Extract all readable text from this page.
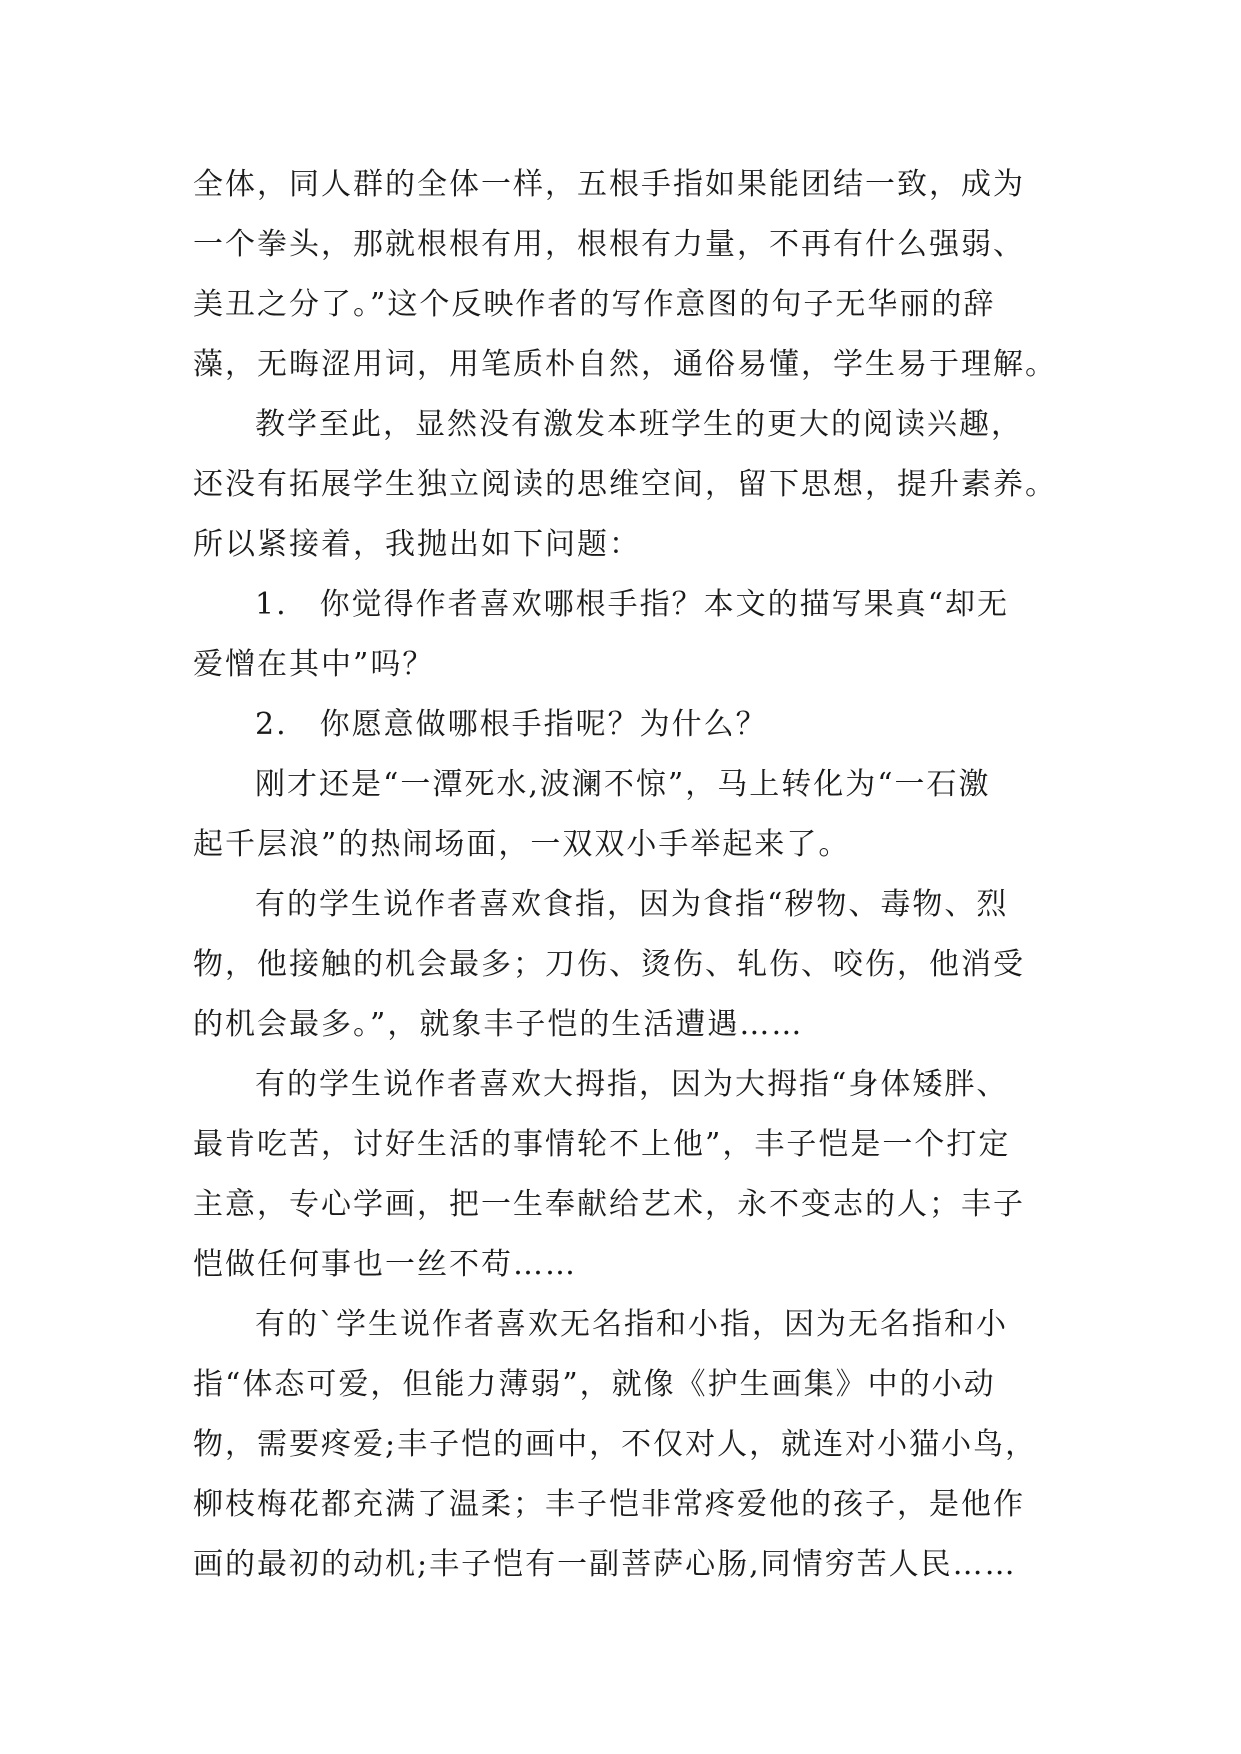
全体，同人群的全体一样，五根手指如果能团结一致，成为
一个拳头，那就根根有用，根根有力量，不再有什么强弱、
美丑之分了。”这个反映作者的写作意图的句子无华丽的辞
藻，无晦涩用词，用笔质朴自然，通俗易懂，学生易于理解。

教学至此，显然没有激发本班学生的更大的阅读兴趣，
还没有拓展学生独立阅读的思维空间，留下思想，提升素养。
所以紧接着，我抛出如下问题：

1.　你觉得作者喜欢哪根手指？本文的描写果真“却无
爱憎在其中”吗？

2.　你愿意做哪根手指呢？为什么？

刚才还是“一潭死水,波澜不惊”，马上转化为“一石激
起千层浪”的热闹场面，一双双小手举起来了。

有的学生说作者喜欢食指，因为食指“秽物、毒物、烈
物，他接触的机会最多；刀伤、烫伤、轧伤、咬伤，他消受
的机会最多。”，就象丰子恺的生活遭遇……

有的学生说作者喜欢大拇指，因为大拇指“身体矮胖、
最肯吃苦，讨好生活的事情轮不上他”，丰子恺是一个打定
主意，专心学画，把一生奉献给艺术，永不变志的人；丰子
恺做任何事也一丝不苟……

有的`学生说作者喜欢无名指和小指，因为无名指和小
指“体态可爱，但能力薄弱”，就像《护生画集》中的小动
物，需要疼爱;丰子恺的画中，不仅对人，就连对小猫小鸟，
柳枝梅花都充满了温柔；丰子恺非常疼爱他的孩子，是他作
画的最初的动机;丰子恺有一副菩萨心肠,同情穷苦人民……
